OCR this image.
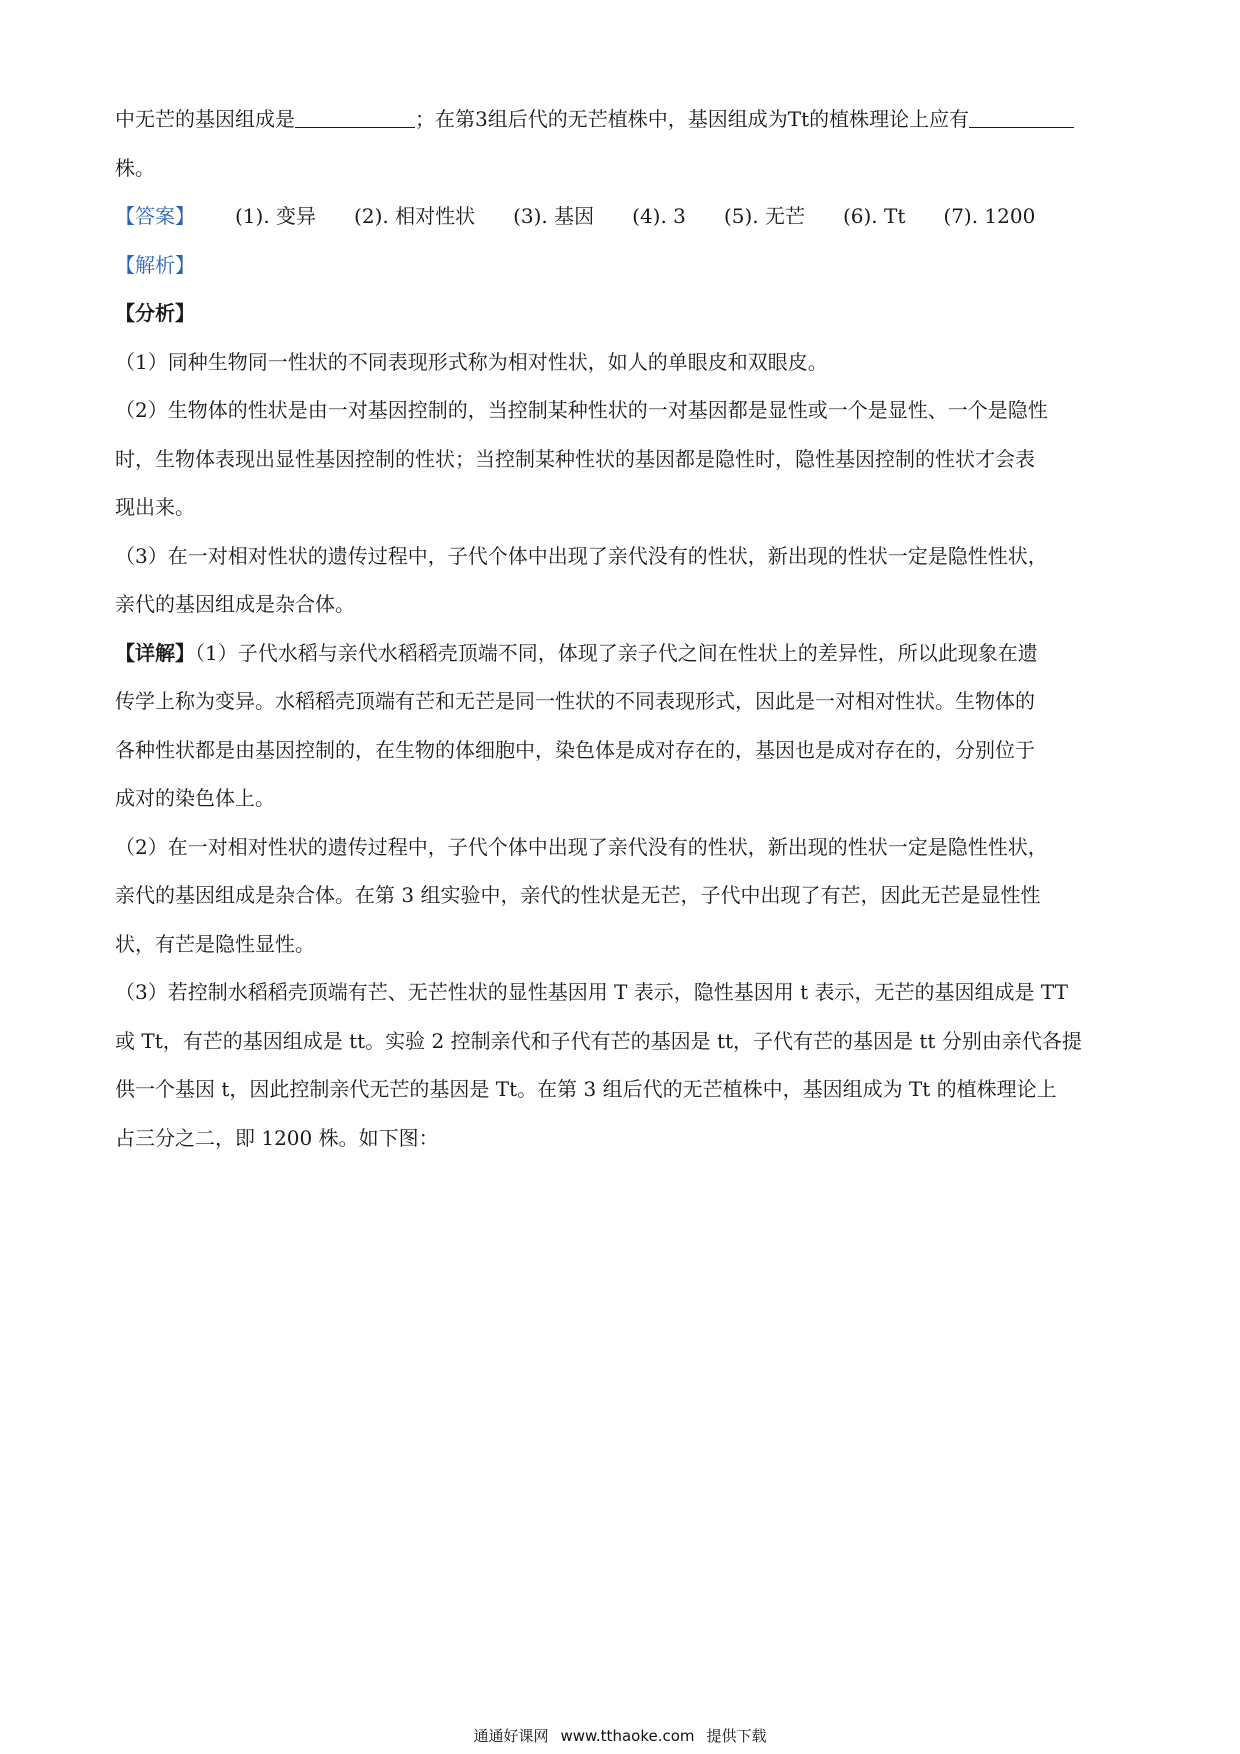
中无芒的基因组成是	；在第3组后代的无芒植株中，基因组成为Tt的植株理论上应有
株。
【答案】 (1). 变异 (2). 相对性状 (3). 基因 (4). 3 (5). 无芒 (6). Tt (7). 1200
【解析】
【分析】
（1）同种生物同一性状的不同表现形式称为相对性状，如人的单眼皮和双眼皮。
（2）生物体的性状是由一对基因控制的，当控制某种性状的一对基因都是显性或一个是显性、一个是隐性
时，生物体表现出显性基因控制的性状；当控制某种性状的基因都是隐性时，隐性基因控制的性状才会表
现出来。
（3）在一对相对性状的遗传过程中，子代个体中出现了亲代没有的性状，新出现的性状一定是隐性性状，
亲代的基因组成是杂合体。
【详解】（1）子代水稻与亲代水稻稻壳顶端不同，体现了亲子代之间在性状上的差异性，所以此现象在遗
传学上称为变异。水稻稻壳顶端有芒和无芒是同一性状的不同表现形式，因此是一对相对性状。生物体的
各种性状都是由基因控制的，在生物的体细胞中，染色体是成对存在的，基因也是成对存在的，分别位于
成对的染色体上。
（2）在一对相对性状的遗传过程中，子代个体中出现了亲代没有的性状，新出现的性状一定是隐性性状，
亲代的基因组成是杂合体。在第 3 组实验中，亲代的性状是无芒，子代中出现了有芒，因此无芒是显性性
状，有芒是隐性显性。
（3）若控制水稻稻壳顶端有芒、无芒性状的显性基因用 T 表示，隐性基因用 t 表示，无芒的基因组成是 TT
或 Tt，有芒的基因组成是 tt。实验 2 控制亲代和子代有芒的基因是 tt，子代有芒的基因是 tt 分别由亲代各提
供一个基因 t，因此控制亲代无芒的基因是 Tt。在第 3 组后代的无芒植株中，基因组成为 Tt 的植株理论上
占三分之二，即 1200 株。如下图：
通通好课网 www.tthaoke.com 提供下载
